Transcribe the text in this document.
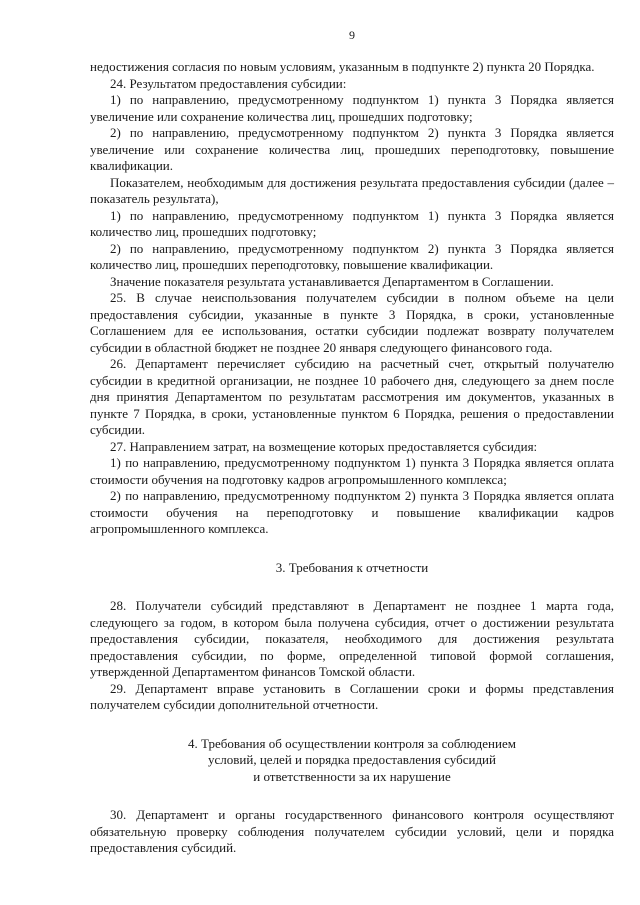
9

недостижения согласия по новым условиям, указанным в подпункте 2) пункта 20 Порядка.

24. Результатом предоставления субсидии:

1) по направлению, предусмотренному подпунктом 1) пункта 3 Порядка является увеличение или сохранение количества лиц, прошедших подготовку;

2) по направлению, предусмотренному подпунктом 2) пункта 3 Порядка является увеличение или сохранение количества лиц, прошедших переподготовку, повышение квалификации.

Показателем, необходимым для достижения результата предоставления субсидии (далее – показатель результата),

1) по направлению, предусмотренному подпунктом 1) пункта 3 Порядка является количество лиц, прошедших подготовку;

2) по направлению, предусмотренному подпунктом 2) пункта 3 Порядка является количество лиц, прошедших переподготовку, повышение квалификации.

Значение показателя результата устанавливается Департаментом в Соглашении.

25. В случае неиспользования получателем субсидии в полном объеме на цели предоставления субсидии, указанные в пункте 3 Порядка, в сроки, установленные Соглашением для ее использования, остатки субсидии подлежат возврату получателем субсидии в областной бюджет не позднее 20 января следующего финансового года.

26. Департамент перечисляет субсидию на расчетный счет, открытый получателю субсидии в кредитной организации, не позднее 10 рабочего дня, следующего за днем после дня принятия Департаментом по результатам рассмотрения им документов, указанных в пункте 7 Порядка, в сроки, установленные пунктом 6 Порядка, решения о предоставлении субсидии.

27. Направлением затрат, на возмещение которых предоставляется субсидия:

1) по направлению, предусмотренному подпунктом 1) пункта 3 Порядка является оплата стоимости обучения на подготовку кадров агропромышленного комплекса;

2) по направлению, предусмотренному подпунктом 2) пункта 3 Порядка является оплата стоимости обучения на переподготовку и повышение квалификации кадров агропромышленного комплекса.

3. Требования к отчетности

28. Получатели субсидий представляют в Департамент не позднее 1 марта года, следующего за годом, в котором была получена субсидия, отчет о достижении результата предоставления субсидии, показателя, необходимого для достижения результата предоставления субсидии, по форме, определенной типовой формой соглашения, утвержденной Департаментом финансов Томской области.

29. Департамент вправе установить в Соглашении сроки и формы представления получателем субсидии дополнительной отчетности.

4. Требования об осуществлении контроля за соблюдением
условий, целей и порядка предоставления субсидий
и ответственности за их нарушение

30. Департамент и органы государственного финансового контроля осуществляют обязательную проверку соблюдения получателем субсидии условий, цели и порядка предоставления субсидий.
